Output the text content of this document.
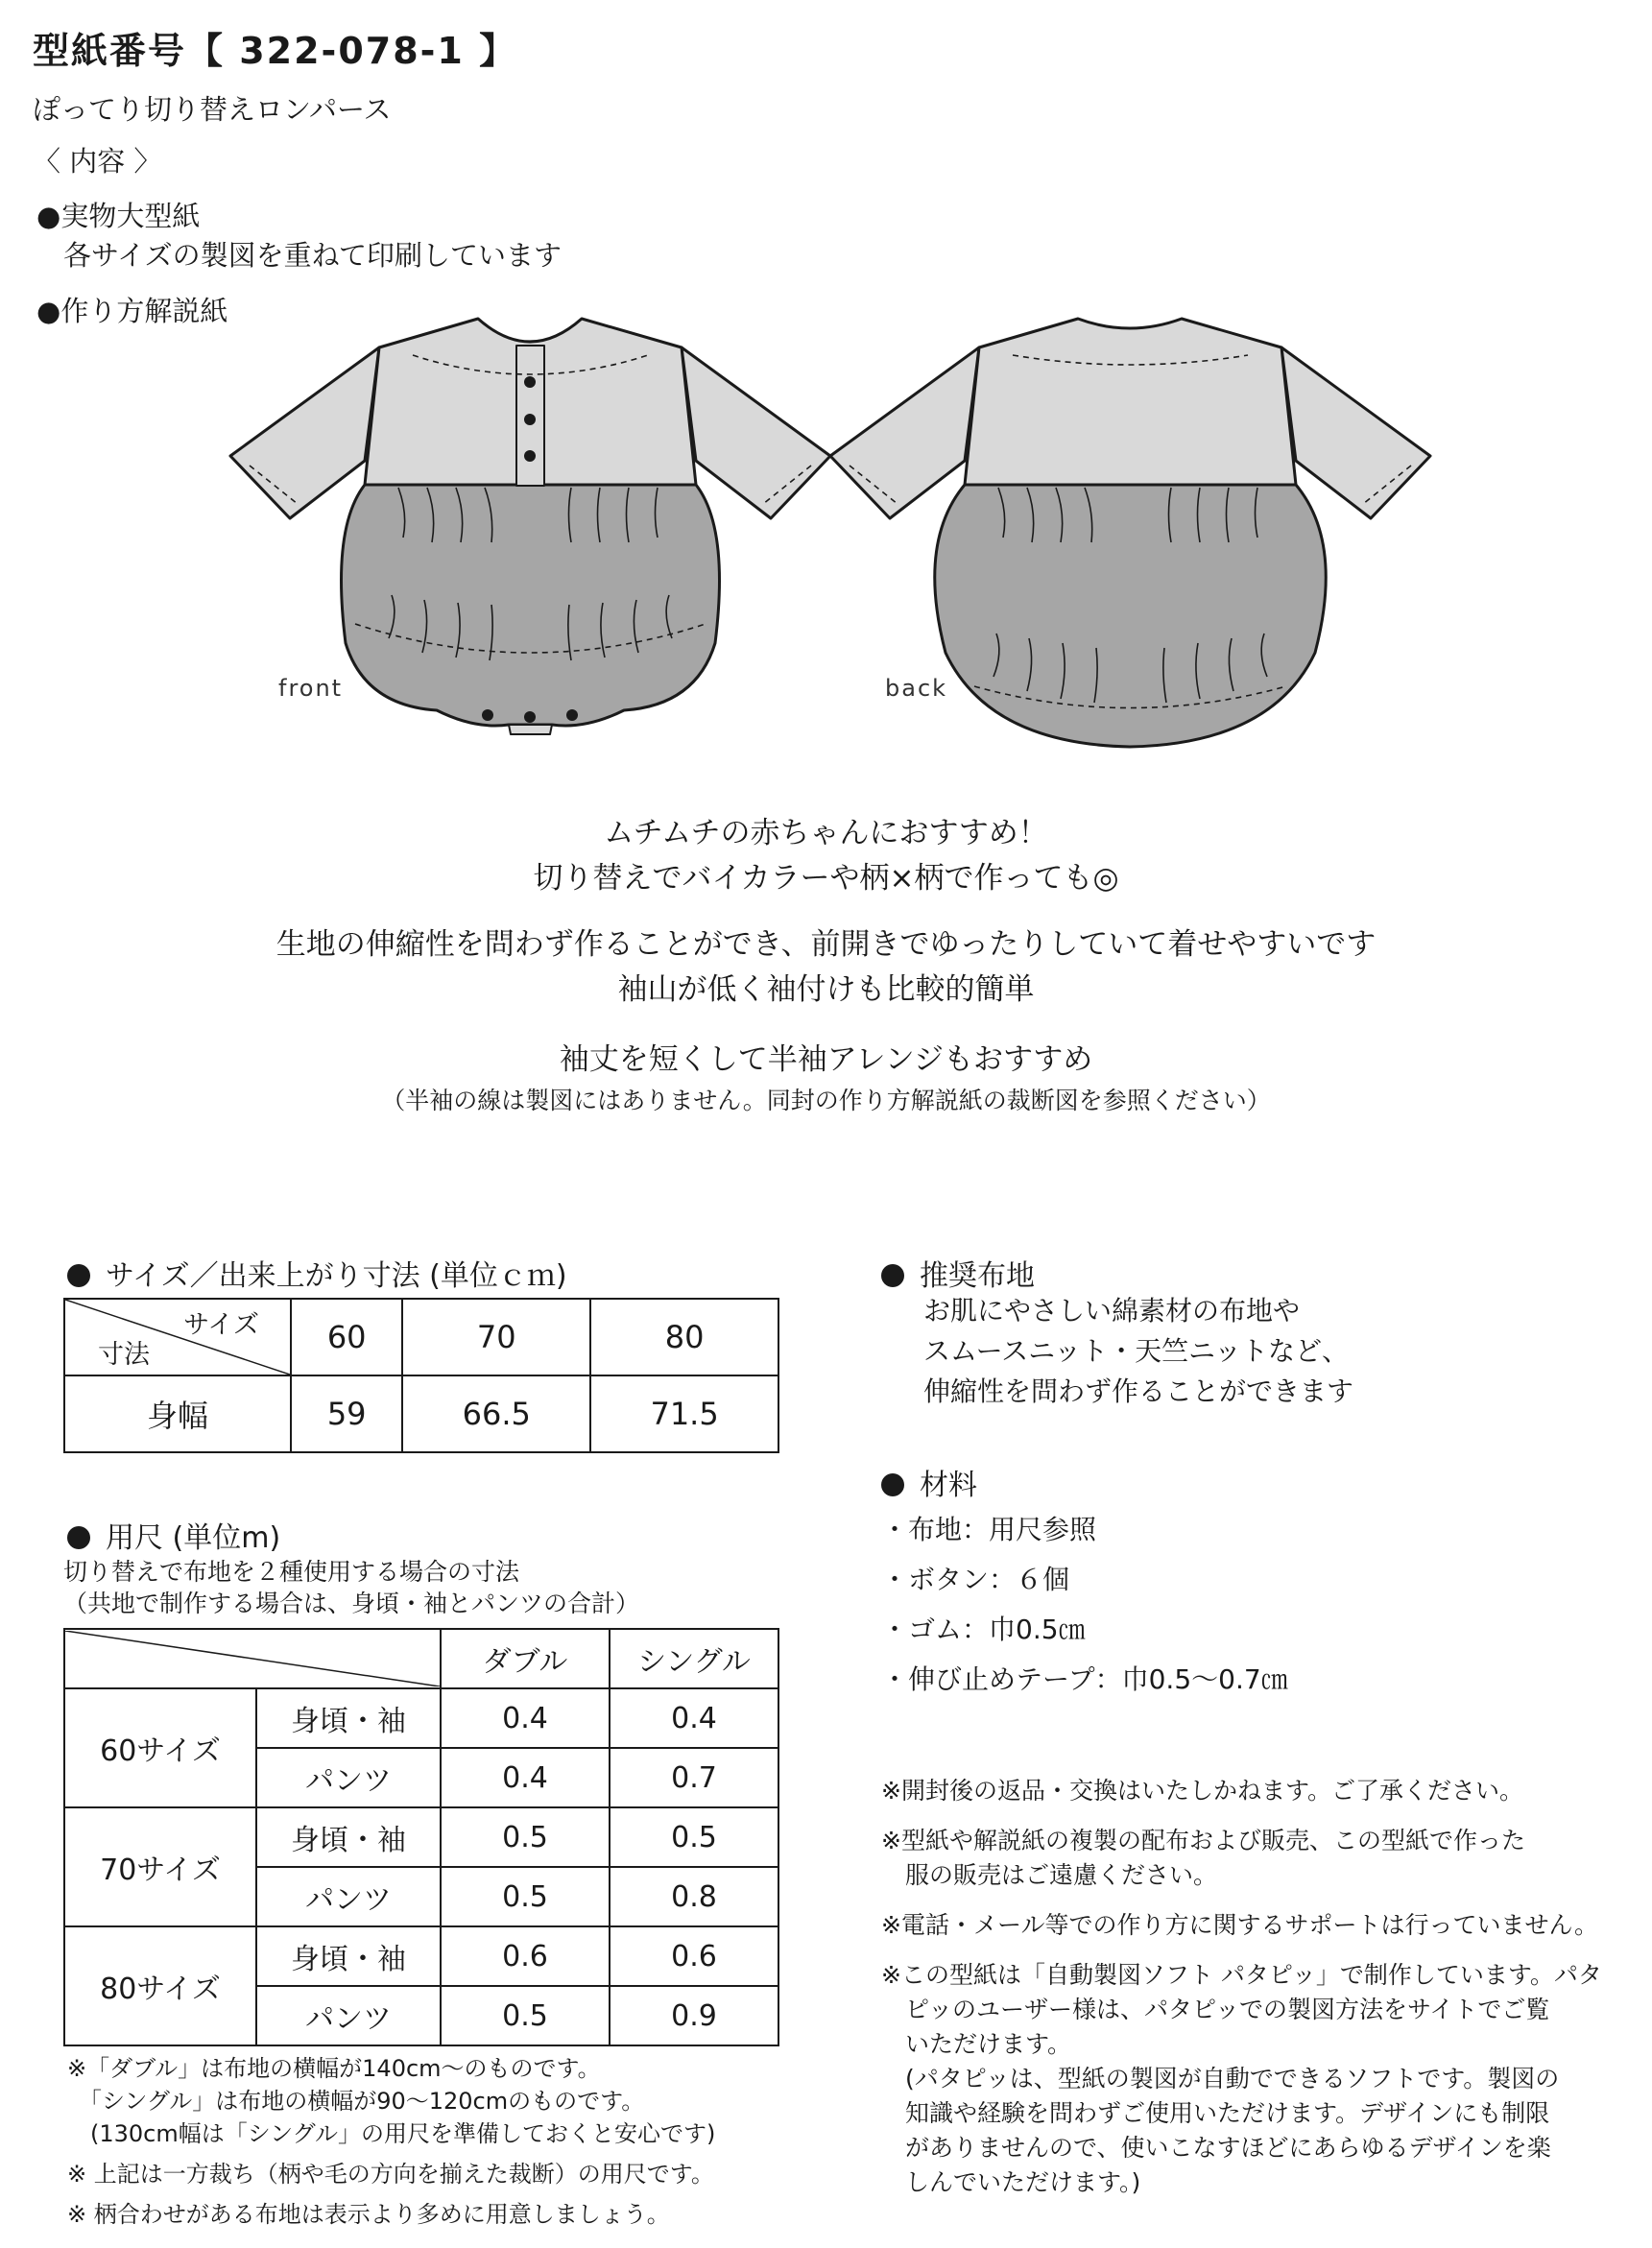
型紙番号【 322-078-1 】
ぽってり切り替えロンパース
〈 内容 〉
●実物大型紙
各サイズの製図を重ねて印刷しています
●作り方解説紙
front	back
ムチムチの赤ちゃんにおすすめ！
切り替えでバイカラーや柄×柄で作っても◎
生地の伸縮性を問わず作ることができ、前開きでゆったりしていて着せやすいです
袖山が低く袖付けも比較的簡単
袖丈を短くして半袖アレンジもおすすめ
（半袖の線は製図にはありません。同封の作り方解説紙の裁断図を参照ください）
サイズ／出来上がり寸法 (単位ｃｍ)
サイズ
寸法	60	70	80
身幅	59	66.5	71.5
用尺 (単位m)
切り替えで布地を２種使用する場合の寸法
（共地で制作する場合は、身頃・袖とパンツの合計）
	ダブル	シングル
60サイズ	身頃・袖	0.4	0.4
	パンツ	0.4	0.7
70サイズ	身頃・袖	0.5	0.5
	パンツ	0.5	0.8
80サイズ	身頃・袖	0.6	0.6
	パンツ	0.5	0.9
※「ダブル」は布地の横幅が140cm〜のものです。
　「シングル」は布地の横幅が90〜120cmのものです。
　(130cm幅は「シングル」の用尺を準備しておくと安心です)
※ 上記は一方裁ち（柄や毛の方向を揃えた裁断）の用尺です。
※ 柄合わせがある布地は表示より多めに用意しましょう。
推奨布地
お肌にやさしい綿素材の布地や
スムースニット・天竺ニットなど、
伸縮性を問わず作ることができます
材料
・布地：用尺参照
・ボタン：６個
・ゴム：巾0.5㎝
・伸び止めテープ：巾0.5〜0.7㎝
※開封後の返品・交換はいたしかねます。ご了承ください。
※型紙や解説紙の複製の配布および販売、この型紙で作った
　服の販売はご遠慮ください。
※電話・メール等での作り方に関するサポートは行っていません。
※この型紙は「自動製図ソフト パタピッ」で制作しています。パタ
　ピッのユーザー様は、パタピッでの製図方法をサイトでご覧
　いただけます。
　(パタピッは、型紙の製図が自動でできるソフトです。製図の
　知識や経験を問わずご使用いただけます。デザインにも制限
　がありませんので、使いこなすほどにあらゆるデザインを楽
　しんでいただけます。)
